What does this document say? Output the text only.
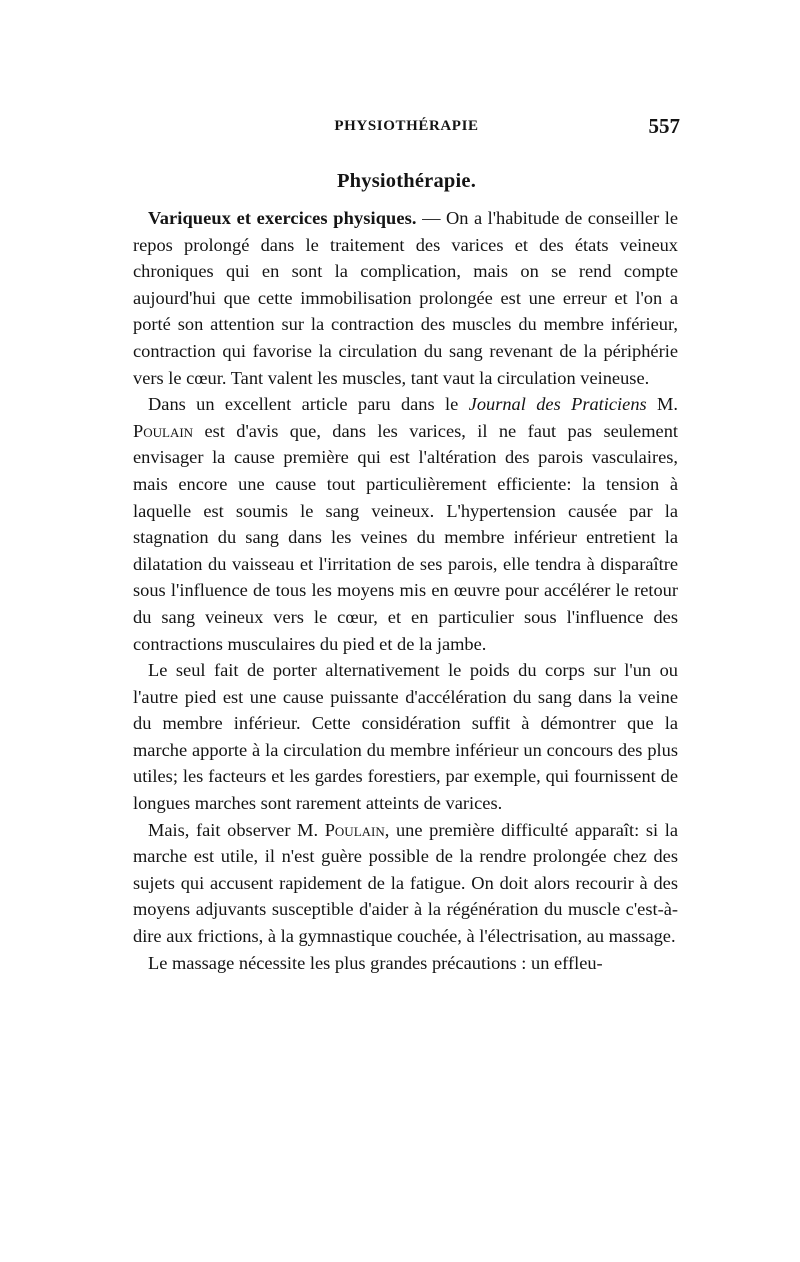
PHYSIOTHÉRAPIE	557
Physiothérapie.

Variqueux et exercices physiques. — On a l'habitude de conseiller le repos prolongé dans le traitement des varices et des états veineux chroniques qui en sont la complication, mais on se rend compte aujourd'hui que cette immobilisation prolongée est une erreur et l'on a porté son attention sur la contraction des muscles du membre inférieur, contraction qui favorise la circulation du sang revenant de la périphérie vers le cœur. Tant valent les muscles, tant vaut la circulation veineuse.

Dans un excellent article paru dans le Journal des Praticiens M. Poulain est d'avis que, dans les varices, il ne faut pas seulement envisager la cause première qui est l'altération des parois vasculaires, mais encore une cause tout particulièrement efficiente: la tension à laquelle est soumis le sang veineux. L'hypertension causée par la stagnation du sang dans les veines du membre inférieur entretient la dilatation du vaisseau et l'irritation de ses parois, elle tendra à disparaître sous l'influence de tous les moyens mis en œuvre pour accélérer le retour du sang veineux vers le cœur, et en particulier sous l'influence des contractions musculaires du pied et de la jambe.

Le seul fait de porter alternativement le poids du corps sur l'un ou l'autre pied est une cause puissante d'accélération du sang dans la veine du membre inférieur. Cette considération suffit à démontrer que la marche apporte à la circulation du membre inférieur un concours des plus utiles; les facteurs et les gardes forestiers, par exemple, qui fournissent de longues marches sont rarement atteints de varices.

Mais, fait observer M. Poulain, une première difficulté apparaît: si la marche est utile, il n'est guère possible de la rendre prolongée chez des sujets qui accusent rapidement de la fatigue. On doit alors recourir à des moyens adjuvants susceptible d'aider à la régénération du muscle c'est-à-dire aux frictions, à la gymnastique couchée, à l'électrisation, au massage.

Le massage nécessite les plus grandes précautions : un effleu-
